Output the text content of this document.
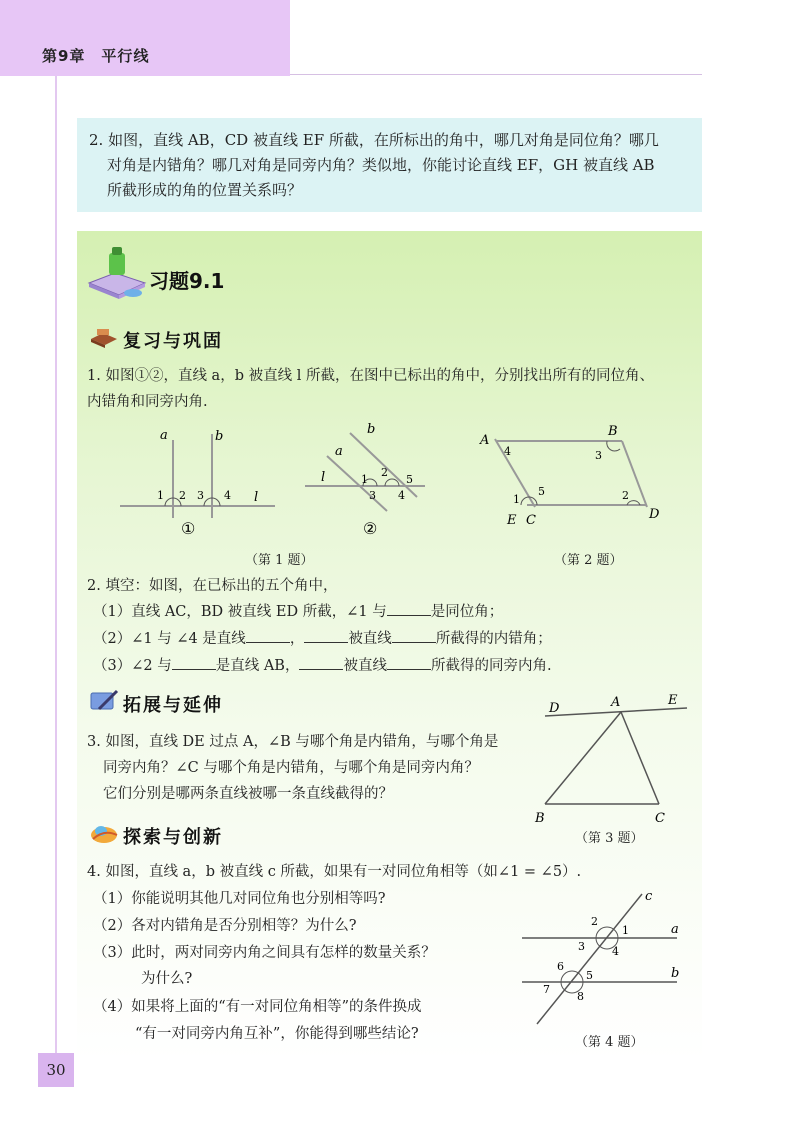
第9章　平行线
2. 如图，直线 AB，CD 被直线 EF 所截，在所标出的角中，哪几对角是同位角？哪几
对角是内错角？哪几对角是同旁内角？类似地，你能讨论直线 EF，GH 被直线 AB
所截形成的角的位置关系吗？
习题9.1
复习与巩固
1. 如图①②，直线 a，b 被直线 l 所截，在图中已标出的角中，分别找出所有的同位角、
内错角和同旁内角.
a	b
l
1 2 3 4
①
（第 1 题）
b
a
l	1
2
3 4
5
②
A
B
E C	D
4	3
1
5	2
（第 2 题）
2. 填空：如图，在已标出的五个角中，
（1）直线 AC，BD 被直线 ED 所截，∠1 与	是同位角；
（2）∠1 与 ∠4 是直线	，	被直线	所截得的内错角；
（3）∠2 与	是直线 AB，	被直线	所截得的同旁内角.
拓展与延伸
3. 如图，直线 DE 过点 A，∠B 与哪个角是内错角，与哪个角是
同旁内角？∠C 与哪个角是内错角，与哪个角是同旁内角？
它们分别是哪两条直线被哪一条直线截得的？
D	A	E
B	C
（第 3 题）
探索与创新
4. 如图，直线 a，b 被直线 c 所截，如果有一对同位角相等（如∠1 = ∠5）.
（1）你能说明其他几对同位角也分别相等吗?
（2）各对内错角是否分别相等？为什么?
（3）此时，两对同旁内角之间具有怎样的数量关系？
为什么?
（4）如果将上面的“有一对同位角相等”的条件换成
“有一对同旁内角互补”，你能得到哪些结论?
c
a
b
2
1
3 4
6
5
7
8
（第 4 题）
30
